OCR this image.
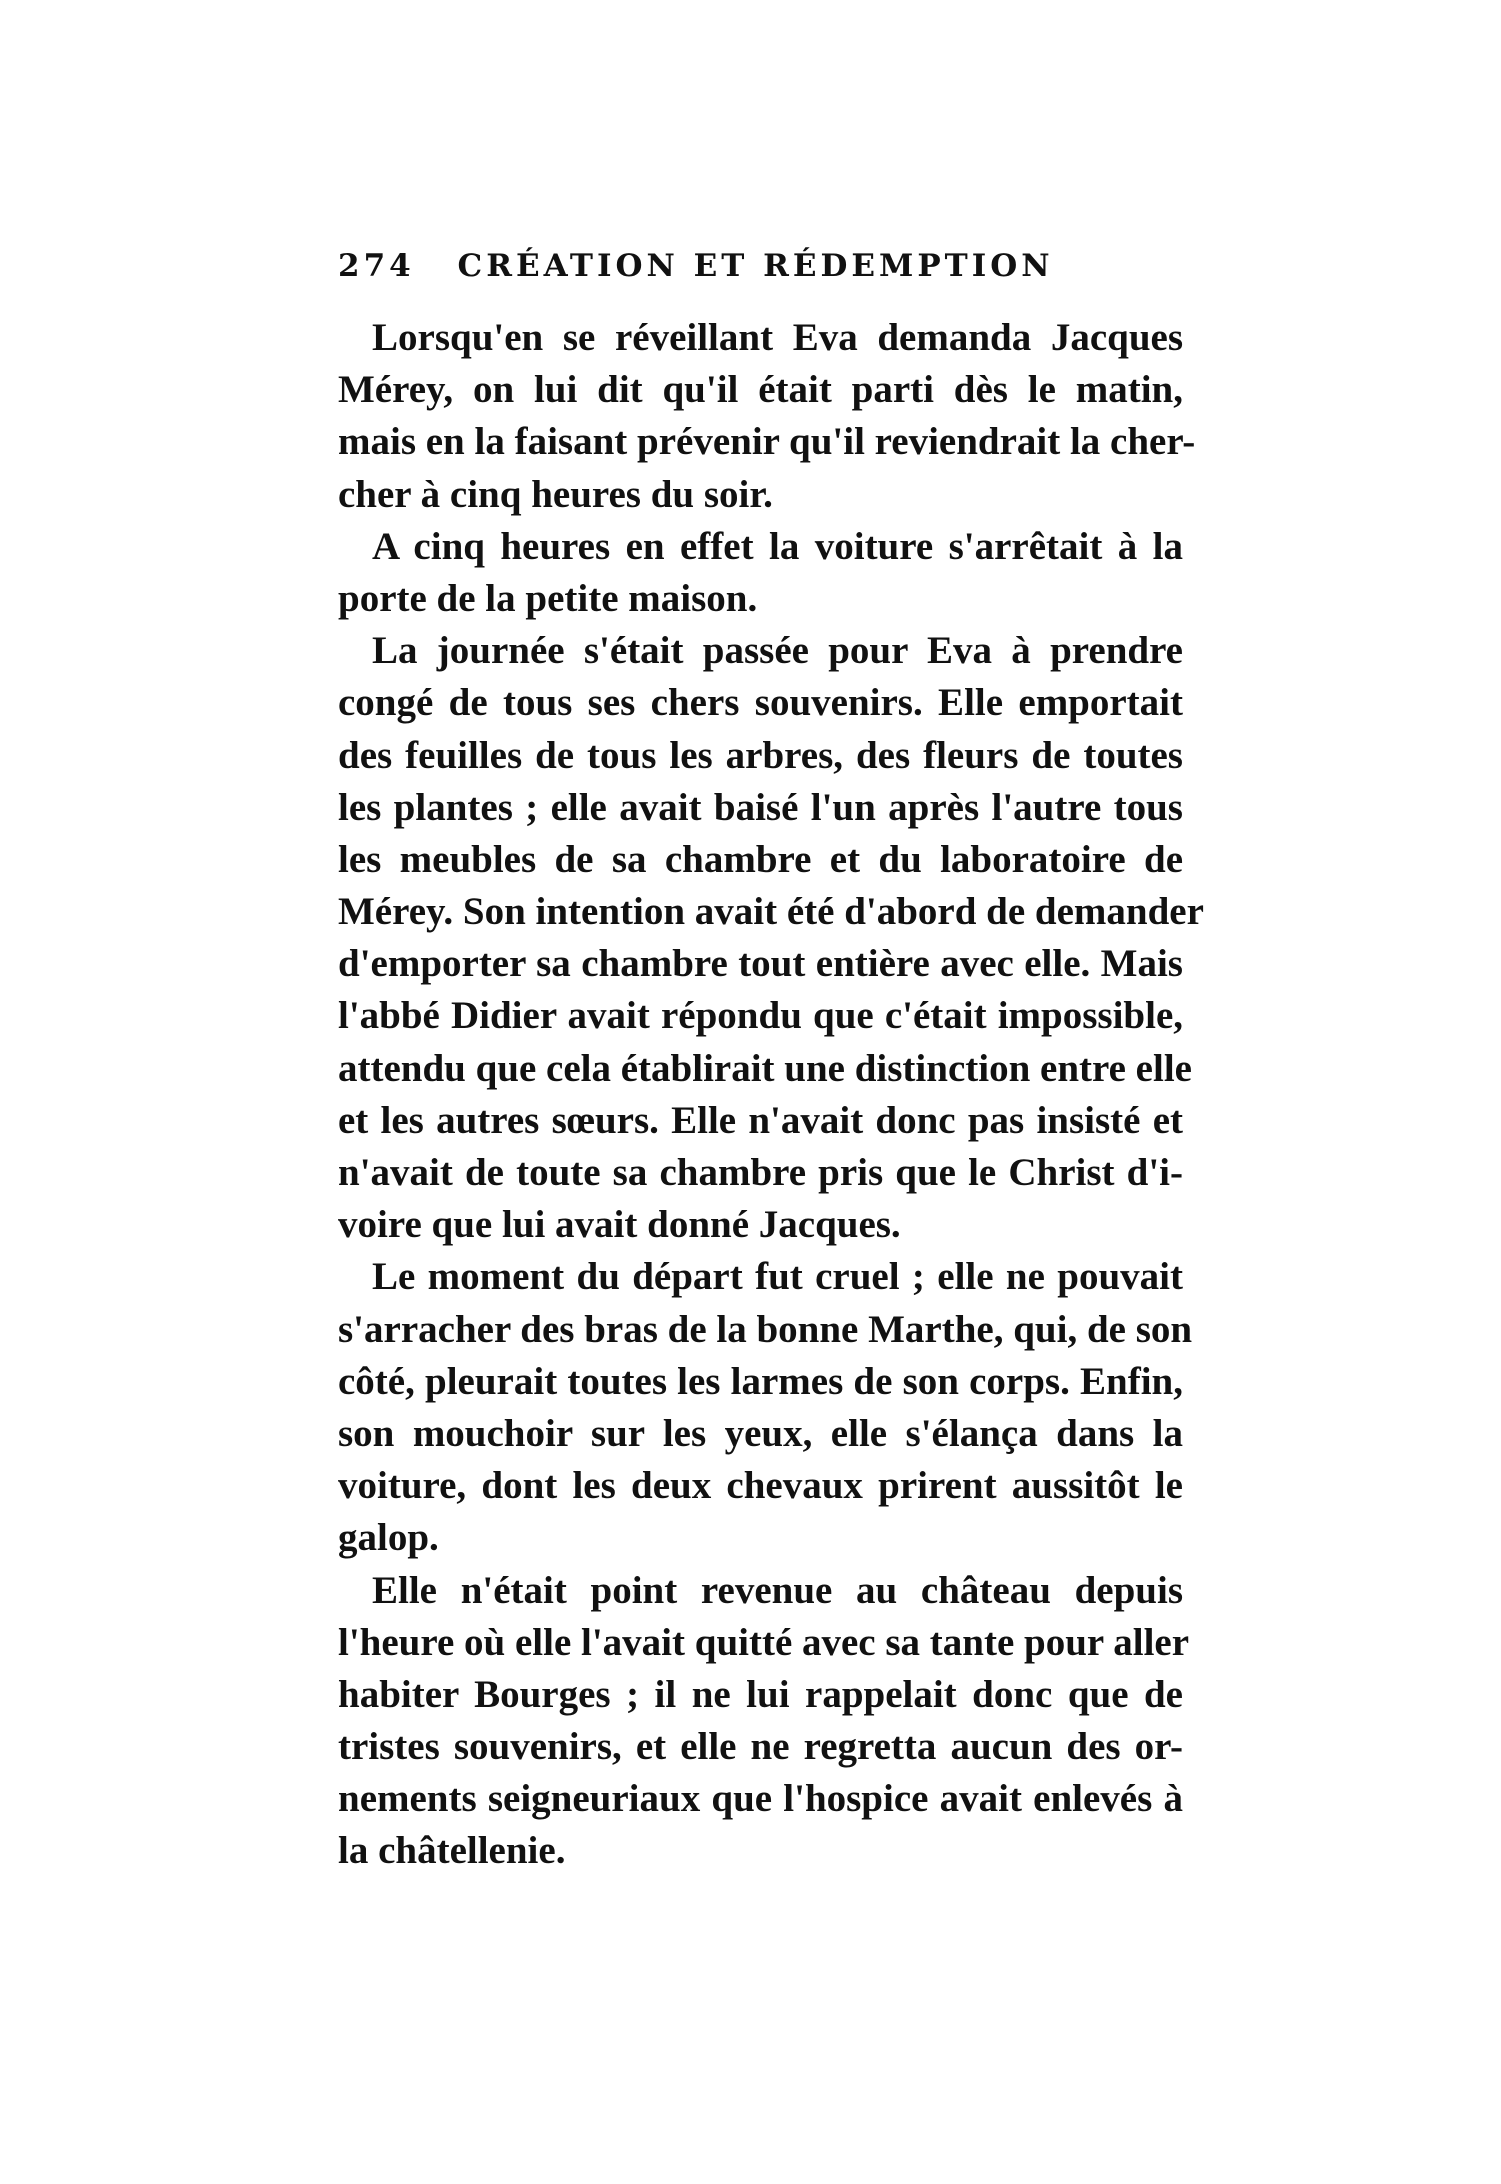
274 CRÉATION ET RÉDEMPTION
Lorsqu'en se réveillant Eva demanda Jacques
Mérey, on lui dit qu'il était parti dès le matin,
mais en la faisant prévenir qu'il reviendrait la cher-
cher à cinq heures du soir.
A cinq heures en effet la voiture s'arrêtait à la
porte de la petite maison.
La journée s'était passée pour Eva à prendre
congé de tous ses chers souvenirs. Elle emportait
des feuilles de tous les arbres, des fleurs de toutes
les plantes ; elle avait baisé l'un après l'autre tous
les meubles de sa chambre et du laboratoire de
Mérey. Son intention avait été d'abord de demander
d'emporter sa chambre tout entière avec elle. Mais
l'abbé Didier avait répondu que c'était impossible,
attendu que cela établirait une distinction entre elle
et les autres sœurs. Elle n'avait donc pas insisté et
n'avait de toute sa chambre pris que le Christ d'i-
voire que lui avait donné Jacques.
Le moment du départ fut cruel ; elle ne pouvait
s'arracher des bras de la bonne Marthe, qui, de son
côté, pleurait toutes les larmes de son corps. Enfin,
son mouchoir sur les yeux, elle s'élança dans la
voiture, dont les deux chevaux prirent aussitôt le
galop.
Elle n'était point revenue au château depuis
l'heure où elle l'avait quitté avec sa tante pour aller
habiter Bourges ; il ne lui rappelait donc que de
tristes souvenirs, et elle ne regretta aucun des or-
nements seigneuriaux que l'hospice avait enlevés à
la châtellenie.
